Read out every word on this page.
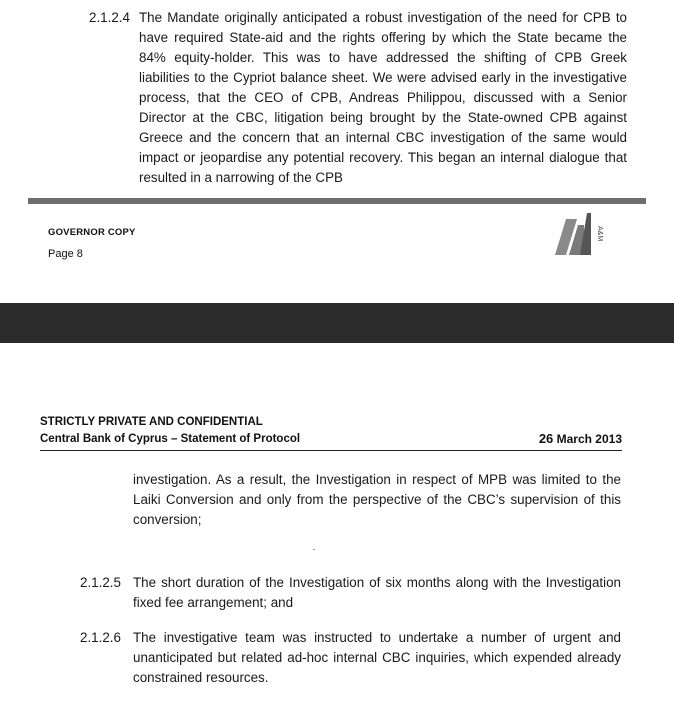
2.1.2.4 The Mandate originally anticipated a robust investigation of the need for CPB to have required State-aid and the rights offering by which the State became the 84% equity-holder. This was to have addressed the shifting of CPB Greek liabilities to the Cypriot balance sheet. We were advised early in the investigative process, that the CEO of CPB, Andreas Philippou, discussed with a Senior Director at the CBC, litigation being brought by the State-owned CPB against Greece and the concern that an internal CBC investigation of the same would impact or jeopardise any potential recovery. This began an internal dialogue that resulted in a narrowing of the CPB
GOVERNOR COPY
Page 8
A&M
STRICTLY PRIVATE AND CONFIDENTIAL
Central Bank of Cyprus – Statement of Protocol	26 March 2013
investigation. As a result, the Investigation in respect of MPB was limited to the Laiki Conversion and only from the perspective of the CBC’s supervision of this conversion;
2.1.2.5 The short duration of the Investigation of six months along with the Investigation fixed fee arrangement; and
2.1.2.6 The investigative team was instructed to undertake a number of urgent and unanticipated but related ad-hoc internal CBC inquiries, which expended already constrained resources.
